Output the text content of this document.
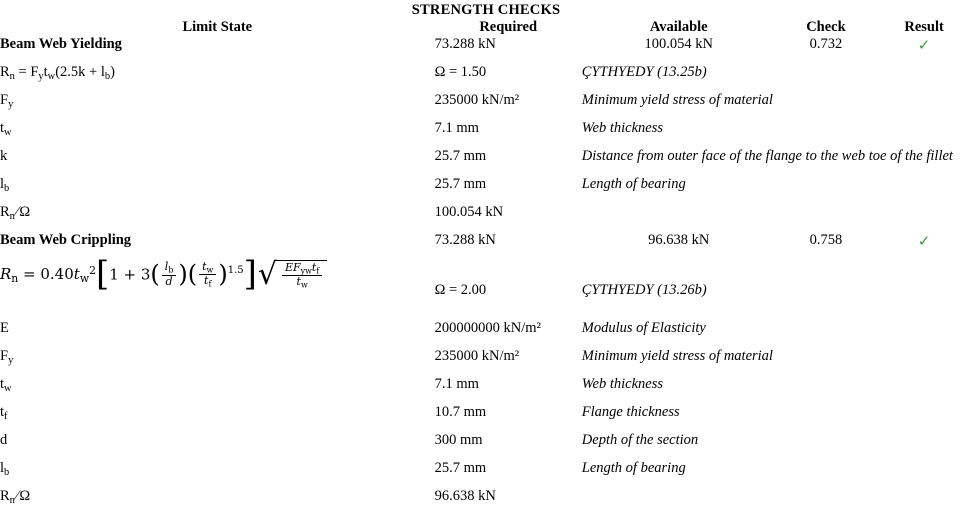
STRENGTH CHECKS
Limit State	Required	Available	Check	Result
Beam Web Yielding	73.288 kN	100.054 kN	0.732	✓
$R_n = F_yt_w(2.5k + l_b)$	Ω = 1.50	ÇYTHYEDY (13.25b)		
$F_y$	235000 kN/m²	Minimum yield stress of material		
$t_w$	7.1 mm	Web thickness		
k	25.7 mm	Distance from outer face of the flange to the web toe of the fillet		
$l_b$	25.7 mm	Length of bearing		
$R_n∕\Omega$	100.054 kN			
Beam Web Crippling	73.288 kN	96.638 kN	0.758	✓
$R_n = 0.40t_w^2[1 + 3( \frac{l_b}{d}$ )( $\frac{t_w}{t_f} )^{1.5}]√ \frac{EF_{yw}t_f}{t_w}$	Ω = 2.00	ÇYTHYEDY (13.26b)
E	200000000 kN/m²	Modulus of Elasticity		
$F_y$	235000 kN/m²	Minimum yield stress of material		
$t_w$	7.1 mm	Web thickness		
$t_f$	10.7 mm	Flange thickness		
d	300 mm	Depth of the section		
$l_b$	25.7 mm	Length of bearing		
$R_n∕\Omega$	96.638 kN			
